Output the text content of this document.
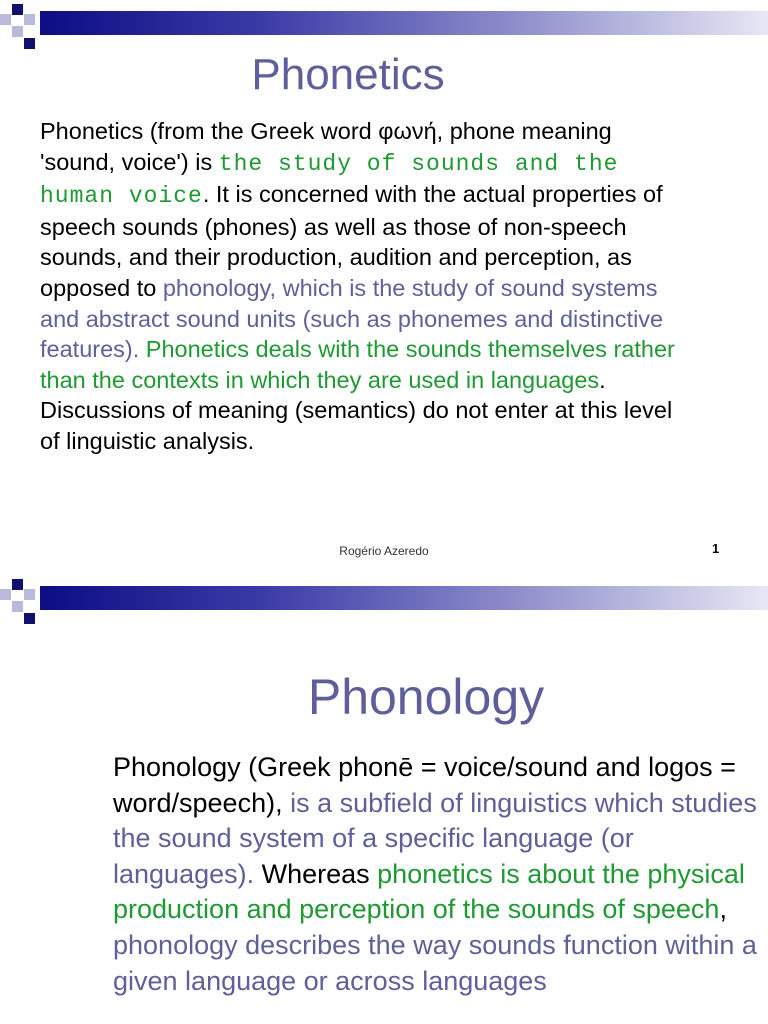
Phonetics

Phonetics (from the Greek word φωνή, phone meaning 'sound, voice') is the study of sounds and the human voice. It is concerned with the actual properties of speech sounds (phones) as well as those of non-speech sounds, and their production, audition and perception, as opposed to phonology, which is the study of sound systems and abstract sound units (such as phonemes and distinctive features). Phonetics deals with the sounds themselves rather than the contexts in which they are used in languages. Discussions of meaning (semantics) do not enter at this level of linguistic analysis.

Rogério Azeredo	1

Phonology

Phonology (Greek phonē = voice/sound and logos = word/speech), is a subfield of linguistics which studies the sound system of a specific language (or languages). Whereas phonetics is about the physical production and perception of the sounds of speech, phonology describes the way sounds function within a given language or across languages
